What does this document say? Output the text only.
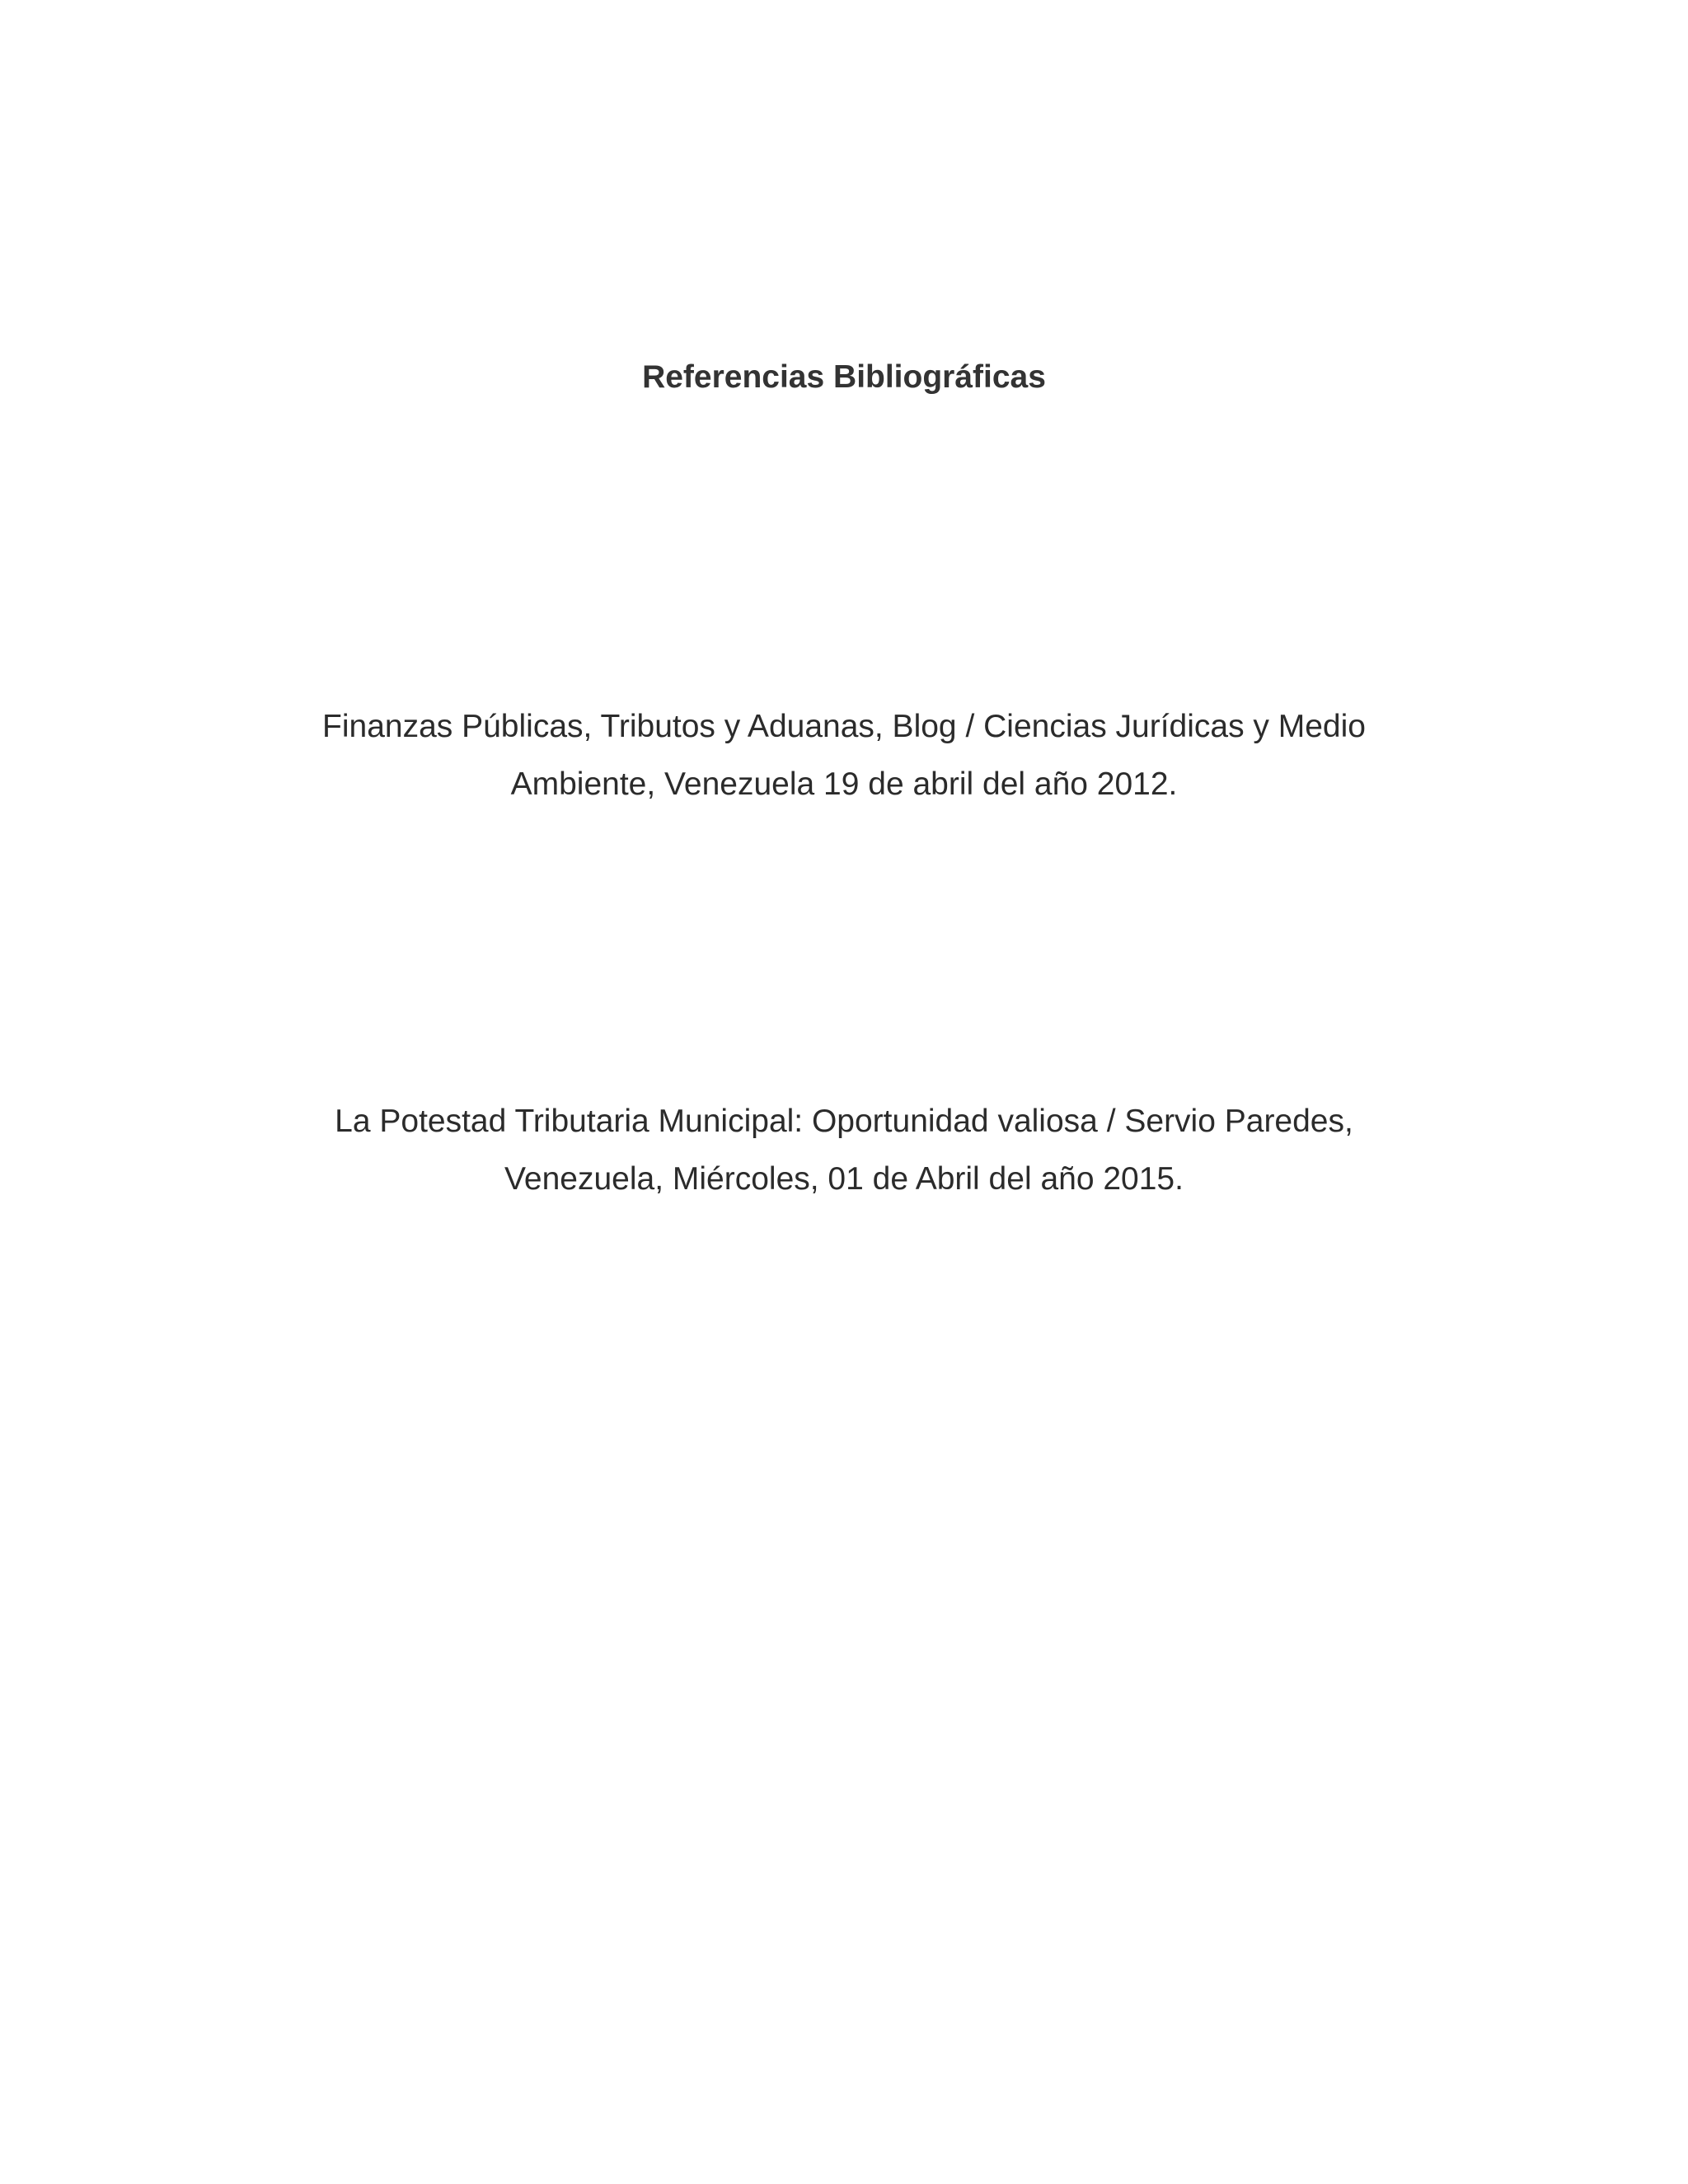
Referencias Bibliográficas

Finanzas Públicas, Tributos y Aduanas, Blog / Ciencias Jurídicas y Medio
Ambiente, Venezuela 19 de abril del año 2012.

La Potestad Tributaria Municipal: Oportunidad valiosa / Servio Paredes,
Venezuela, Miércoles, 01 de Abril del año 2015.
